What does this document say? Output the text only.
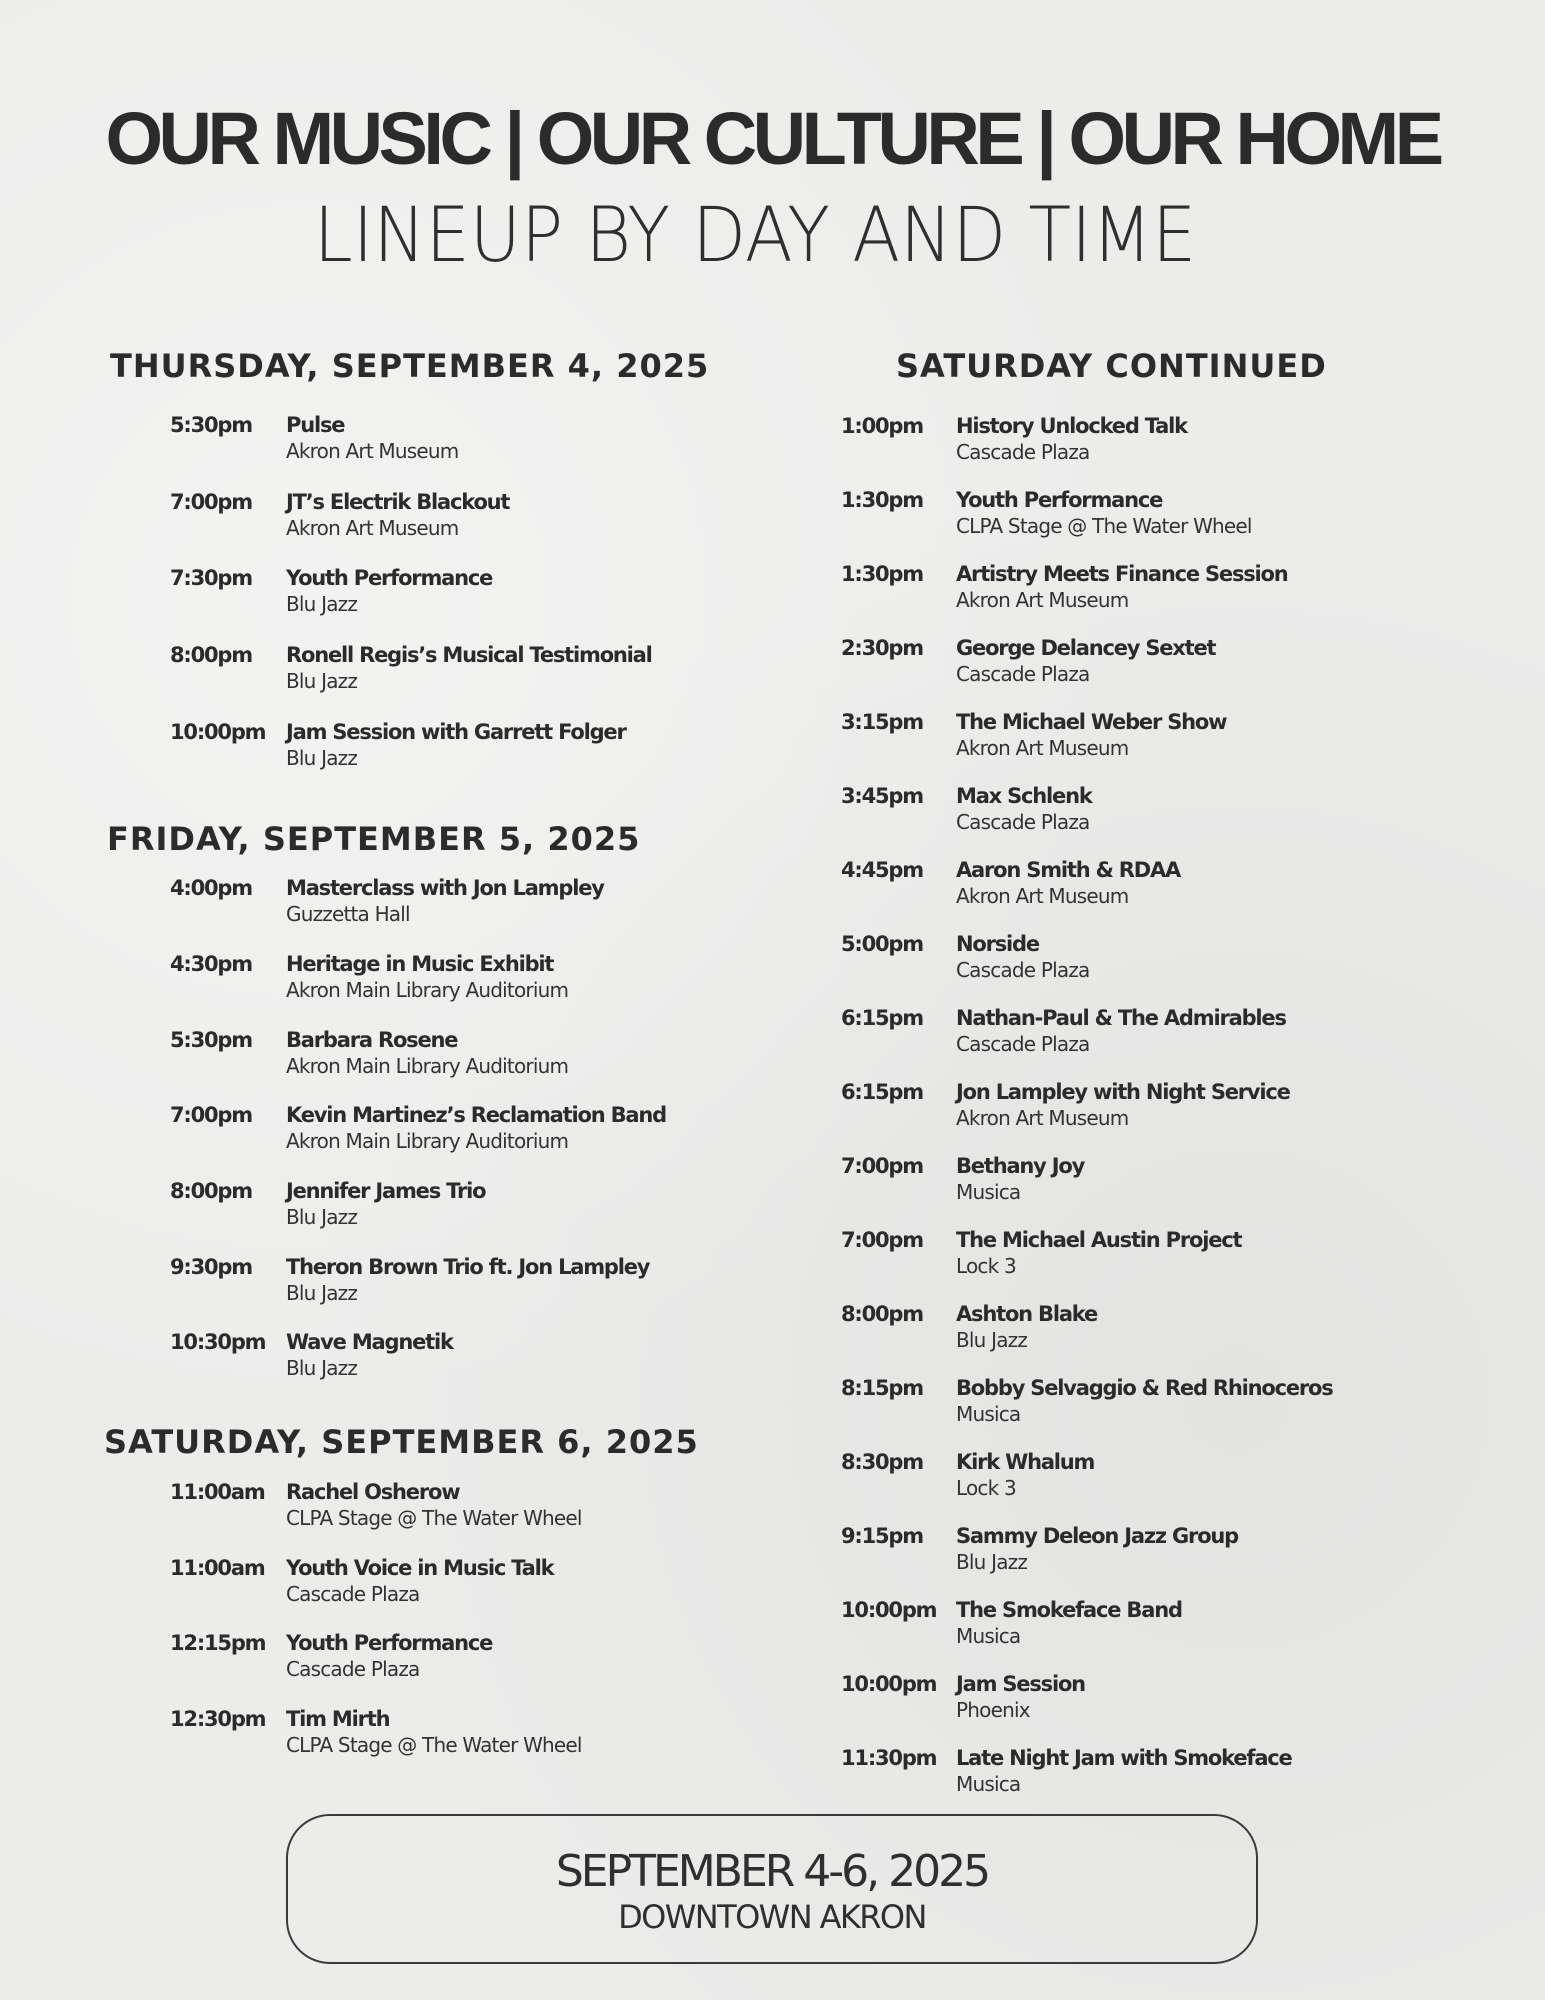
OUR MUSIC | OUR CULTURE | OUR HOME
LINEUP BY DAY AND TIME
THURSDAY, SEPTEMBER 4, 2025
5:30pm Pulse
Akron Art Museum
7:00pm JT’s Electrik Blackout
Akron Art Museum
7:30pm Youth Performance
Blu Jazz
8:00pm Ronell Regis’s Musical Testimonial
Blu Jazz
10:00pm Jam Session with Garrett Folger
Blu Jazz
FRIDAY, SEPTEMBER 5, 2025
4:00pm Masterclass with Jon Lampley
Guzzetta Hall
4:30pm Heritage in Music Exhibit
Akron Main Library Auditorium
5:30pm Barbara Rosene
Akron Main Library Auditorium
7:00pm Kevin Martinez’s Reclamation Band
Akron Main Library Auditorium
8:00pm Jennifer James Trio
Blu Jazz
9:30pm Theron Brown Trio ft. Jon Lampley
Blu Jazz
10:30pm Wave Magnetik
Blu Jazz
SATURDAY, SEPTEMBER 6, 2025
11:00am Rachel Osherow
CLPA Stage @ The Water Wheel
11:00am Youth Voice in Music Talk
Cascade Plaza
12:15pm Youth Performance
Cascade Plaza
12:30pm Tim Mirth
CLPA Stage @ The Water Wheel
SATURDAY CONTINUED
1:00pm History Unlocked Talk
Cascade Plaza
1:30pm Youth Performance
CLPA Stage @ The Water Wheel
1:30pm Artistry Meets Finance Session
Akron Art Museum
2:30pm George Delancey Sextet
Cascade Plaza
3:15pm The Michael Weber Show
Akron Art Museum
3:45pm Max Schlenk
Cascade Plaza
4:45pm Aaron Smith & RDAA
Akron Art Museum
5:00pm Norside
Cascade Plaza
6:15pm Nathan-Paul & The Admirables
Cascade Plaza
6:15pm Jon Lampley with Night Service
Akron Art Museum
7:00pm Bethany Joy
Musica
7:00pm The Michael Austin Project
Lock 3
8:00pm Ashton Blake
Blu Jazz
8:15pm Bobby Selvaggio & Red Rhinoceros
Musica
8:30pm Kirk Whalum
Lock 3
9:15pm Sammy Deleon Jazz Group
Blu Jazz
10:00pm The Smokeface Band
Musica
10:00pm Jam Session
Phoenix
11:30pm Late Night Jam with Smokeface
Musica
SEPTEMBER 4-6, 2025
DOWNTOWN AKRON
